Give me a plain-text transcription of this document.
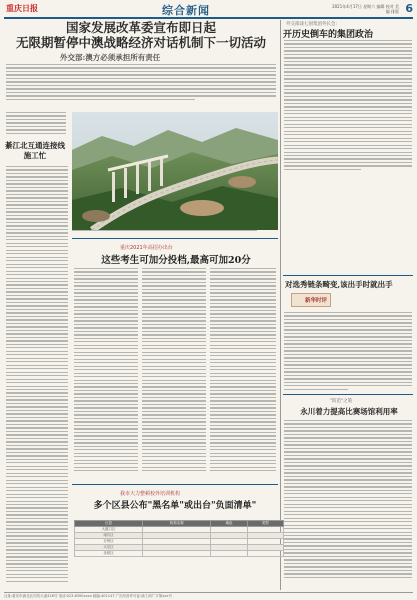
重庆日报	综合新闻	2021年4月17日 星期六 编辑 校对 美编 排版 6
国家发展改革委宣布即日起
无限期暂停中澳战略经济对话机制下一切活动
外交部:澳方必须承担所有责任
外交部谈七国集团外长会:
开历史倒车的集团政治
綦江北互通连接线施工忙
重庆2021年高招办出台
这些考生可加分投档,最高可加20分
对选秀链条畸变,该出手时就出手
新华时评
"防范"之策
永川着力提高比赛场馆利用率
我市大力整顿校外培训机构
多个区县公布"黑名单"或出台"负面清单"
区县	机构名称	地址	类型
大渡口区			
南川区			
万州区			
大足区			
北碚区			
社址:重庆市渝北区同茂大道416号 电话:023-6390xxxx 邮编:401147 广告经营许可证:渝工商广字第xxx号
